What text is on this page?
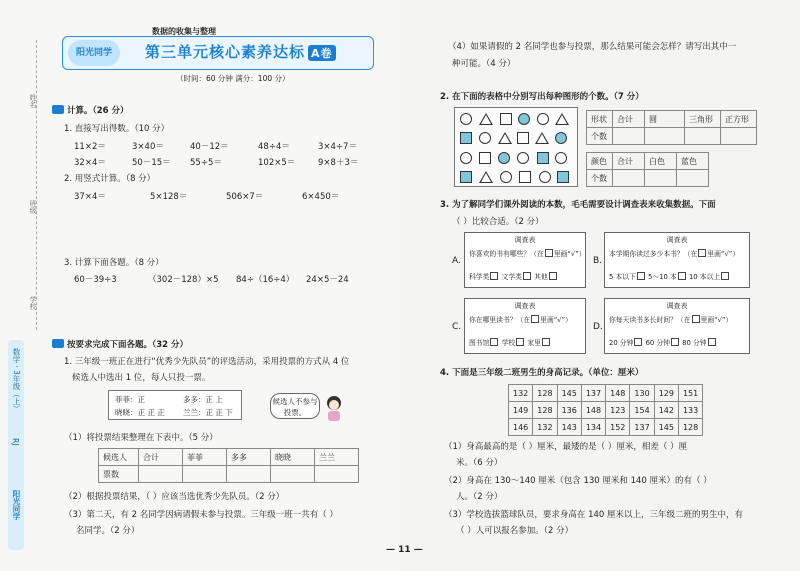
姓名
班级
学校
数学 · 3年级（上）
RJ
阳光同学
数据的收集与整理
第三单元核心素养达标 A卷
阳光同学
（时间：60 分钟 满分：100 分）
计算。（26 分）
1. 直接写出得数。（10 分）
11×2＝	3×40＝	40－12＝	48÷4＝	3×4÷7＝
32×4＝	50－15＝ 55÷5＝	102×5＝	9×8＋3＝
2. 用竖式计算。（8 分）
37×4＝	5×128＝	506×7＝	6×450＝
3. 计算下面各题。（8 分）
60－39÷3	（302－128）×5 84÷（16÷4） 24×5－24
按要求完成下面各题。（32 分）
1. 三年级一班正在进行“优秀少先队员”的评选活动，采用投票的方式从 4 位
候选人中选出 1 位，每人只投一票。
菲菲：正	多多：正 上
晓晓：正 正 正 兰兰：正 正 下
候选人不参与投票。
（1）将投票结果整理在下表中。（5 分）
候选人	合计	菲菲	多多	晓晓	兰兰
票数					
（2）根据投票结果，（ ）应该当选优秀少先队员。（2 分）
（3）第二天，有 2 名同学因病请假未参与投票。三年级一班一共有（ ）
名同学。（2 分）
— 11 —
（4）如果请假的 2 名同学也参与投票，那么结果可能会怎样？请写出其中一
种可能。（4 分）
2. 在下面的表格中分别写出每种图形的个数。（7 分）
形状	合计	圆	三角形	正方形
个数				
颜色	合计	白色	蓝色
个数			
3. 为了解同学们课外阅读的本数，毛毛需要设计调查表来收集数据。下面
（ ）比较合适。（2 分）
A.
调查表
你喜欢的书有哪些？（在 里画“√”）
科学类 文学类 其他
B.
调查表
本学期你读过多少本书？（在 里画“√”）
5 本以下 5～10 本 10 本以上
C.
调查表
你在哪里读书？（在 里画“√”）
图书馆 学校 家里
D.
调查表
你每天读书多长时间？（在 里画“√”）
20 分钟 60 分钟 80 分钟
4. 下面是三年级二班男生的身高记录。（单位：厘米）
132	128	145	137	148	130	129	151
149	128	136	148	123	154	142	133
146	132	143	134	152	137	145	128
（1）身高最高的是（ ）厘米，最矮的是（ ）厘米，相差（ ）厘
米。（6 分）
（2）身高在 130～140 厘米（包含 130 厘米和 140 厘米）的有（ ）
人。（2 分）
（3）学校选拔篮球队员，要求身高在 140 厘米以上，三年级二班的男生中，有
（ ）人可以报名参加。（2 分）
